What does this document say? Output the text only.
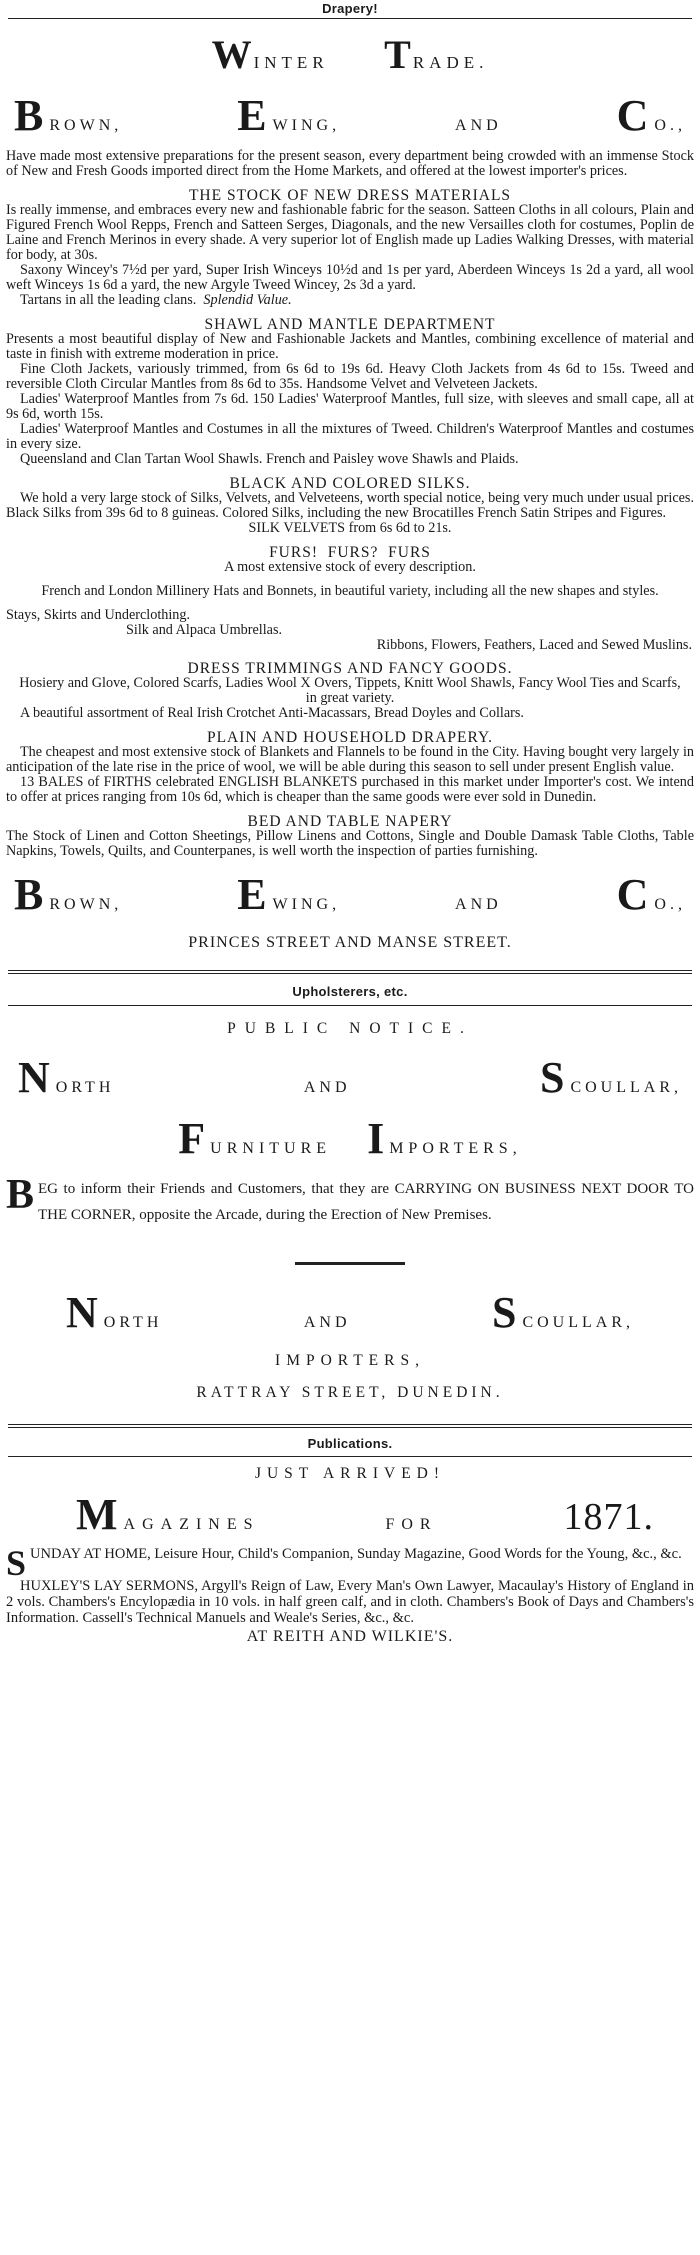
Drapery!
WINTER TRADE.
BROWN,	EWING,	AND	CO.,

Have made most extensive preparations for the present season, every department being crowded with an immense Stock of New and Fresh Goods imported direct from the Home Markets, and offered at the lowest importer's prices.

THE STOCK OF NEW DRESS MATERIALS

Is really immense, and embraces every new and fashionable fabric for the season. Satteen Cloths in all colours, Plain and Figured French Wool Repps, French and Satteen Serges, Diagonals, and the new Versailles cloth for costumes, Poplin de Laine and French Merinos in every shade. A very superior lot of English made up Ladies Walking Dresses, with material for body, at 30s.

Saxony Wincey's 7½d per yard, Super Irish Winceys 10½d and 1s per yard, Aberdeen Winceys 1s 2d a yard, all wool weft Winceys 1s 6d a yard, the new Argyle Tweed Wincey, 2s 3d a yard.

Tartans in all the leading clans. Splendid Value.

SHAWL AND MANTLE DEPARTMENT

Presents a most beautiful display of New and Fashionable Jackets and Mantles, combining excellence of material and taste in finish with extreme moderation in price.

Fine Cloth Jackets, variously trimmed, from 6s 6d to 19s 6d. Heavy Cloth Jackets from 4s 6d to 15s. Tweed and reversible Cloth Circular Mantles from 8s 6d to 35s. Handsome Velvet and Velveteen Jackets.

Ladies' Waterproof Mantles from 7s 6d. 150 Ladies' Waterproof Mantles, full size, with sleeves and small cape, all at 9s 6d, worth 15s.

Ladies' Waterproof Mantles and Costumes in all the mixtures of Tweed. Children's Waterproof Mantles and costumes in every size.

Queensland and Clan Tartan Wool Shawls. French and Paisley wove Shawls and Plaids.

BLACK AND COLORED SILKS.

We hold a very large stock of Silks, Velvets, and Velveteens, worth special notice, being very much under usual prices. Black Silks from 39s 6d to 8 guineas. Colored Silks, including the new Brocatilles French Satin Stripes and Figures.

SILK VELVETS from 6s 6d to 21s.

FURS!  FURS?  FURS

A most extensive stock of every description.

French and London Millinery Hats and Bonnets, in beautiful variety, including all the new shapes and styles.

Stays, Skirts and Underclothing.

Silk and Alpaca Umbrellas.

Ribbons, Flowers, Feathers, Laced and Sewed Muslins.

DRESS TRIMMINGS AND FANCY GOODS.

Hosiery and Glove, Colored Scarfs, Ladies Wool X Overs, Tippets, Knitt Wool Shawls, Fancy Wool Ties and Scarfs, in great variety.

A beautiful assortment of Real Irish Crotchet Anti-Macassars, Bread Doyles and Collars.

PLAIN AND HOUSEHOLD DRAPERY.

The cheapest and most extensive stock of Blankets and Flannels to be found in the City. Having bought very largely in anticipation of the late rise in the price of wool, we will be able during this season to sell under present English value.

13 BALES of FIRTHS celebrated ENGLISH BLANKETS purchased in this market under Importer's cost. We intend to offer at prices ranging from 10s 6d, which is cheaper than the same goods were ever sold in Dunedin.

BED AND TABLE NAPERY

The Stock of Linen and Cotton Sheetings, Pillow Linens and Cottons, Single and Double Damask Table Cloths, Table Napkins, Towels, Quilts, and Counterpanes, is well worth the inspection of parties furnishing.

BROWN,	EWING,	AND	CO.,
PRINCES STREET AND MANSE STREET.
Upholsterers, etc.
PUBLIC NOTICE.
NORTH	AND	SCOULLAR,
FURNITURE IMPORTERS,
BEG to inform their Friends and Customers, that they are CARRYING ON BUSINESS NEXT DOOR TO THE CORNER, opposite the Arcade, during the Erection of New Premises.
NORTH	AND	SCOULLAR,
IMPORTERS,
RATTRAY STREET, DUNEDIN.
Publications.
JUST ARRIVED!
MAGAZINES	FOR	1871.
SUNDAY AT HOME, Leisure Hour, Child's Companion, Sunday Magazine, Good Words for the Young, &c., &c.

HUXLEY'S LAY SERMONS, Argyll's Reign of Law, Every Man's Own Lawyer, Macaulay's History of England in 2 vols. Chambers's Encylopædia in 10 vols. in half green calf, and in cloth. Chambers's Book of Days and Chambers's Information. Cassell's Technical Manuels and Weale's Series, &c., &c.

AT REITH AND WILKIE'S.
